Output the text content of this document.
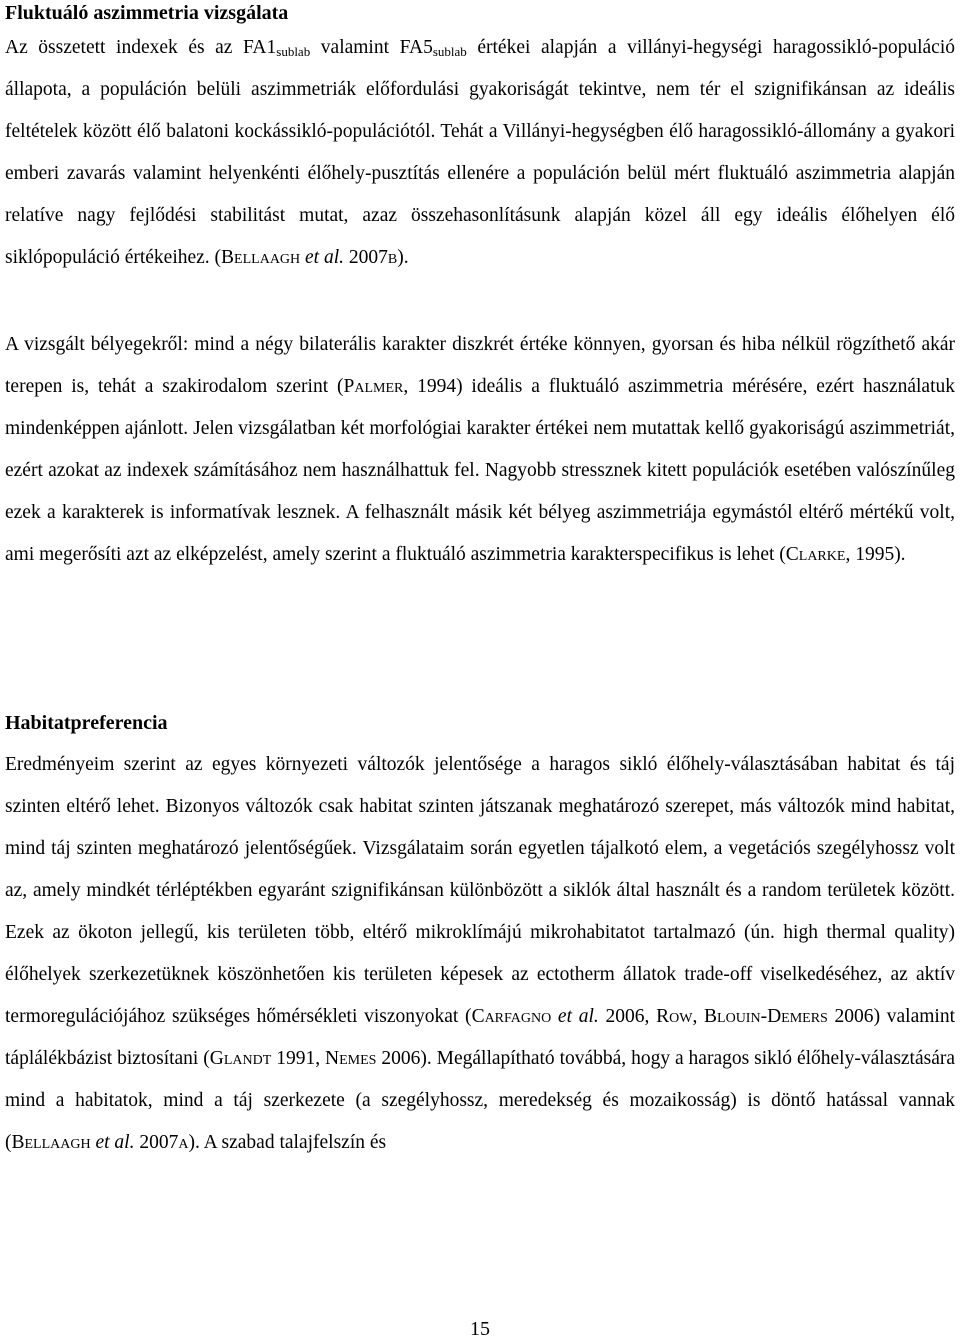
Fluktuáló aszimmetria vizsgálata

Az összetett indexek és az $FA1_{sublab}$ valamint $FA5_{sublab}$ értékei alapján a villányi-hegységi haragossikló-populáció állapota, a populáción belüli aszimmetriák előfordulási gyakoriságát tekintve, nem tér el szignifikánsan az ideális feltételek között élő balatoni kockássikló-populációtól. Tehát a Villányi-hegységben élő haragossikló-állomány a gyakori emberi zavarás valamint helyenkénti élőhely-pusztítás ellenére a populáción belül mért fluktuáló aszimmetria alapján relatíve nagy fejlődési stabilitást mutat, azaz összehasonlításunk alapján közel áll egy ideális élőhelyen élő siklópopuláció értékeihez. (Bellaagh et al. 2007b).

A vizsgált bélyegekről: mind a négy bilaterális karakter diszkrét értéke könnyen, gyorsan és hiba nélkül rögzíthető akár terepen is, tehát a szakirodalom szerint (Palmer, 1994) ideális a fluktuáló aszimmetria mérésére, ezért használatuk mindenképpen ajánlott. Jelen vizsgálatban két morfológiai karakter értékei nem mutattak kellő gyakoriságú aszimmetriát, ezért azokat az indexek számításához nem használhattuk fel. Nagyobb stressznek kitett populációk esetében valószínűleg ezek a karakterek is informatívak lesznek. A felhasznált másik két bélyeg aszimmetriája egymástól eltérő mértékű volt, ami megerősíti azt az elképzelést, amely szerint a fluktuáló aszimmetria karakterspecifikus is lehet (Clarke, 1995).

Habitatpreferencia

Eredményeim szerint az egyes környezeti változók jelentősége a haragos sikló élőhely-választásában habitat és táj szinten eltérő lehet. Bizonyos változók csak habitat szinten játszanak meghatározó szerepet, más változók mind habitat, mind táj szinten meghatározó jelentőségűek. Vizsgálataim során egyetlen tájalkotó elem, a vegetációs szegélyhossz volt az, amely mindkét térléptékben egyaránt szignifikánsan különbözött a siklók által használt és a random területek között. Ezek az ökoton jellegű, kis területen több, eltérő mikroklímájú mikrohabitatot tartalmazó (ún. high thermal quality) élőhelyek szerkezetüknek köszönhetően kis területen képesek az ectotherm állatok trade-off viselkedéséhez, az aktív termoregulációjához szükséges hőmérsékleti viszonyokat (Carfagno et al. 2006, Row, Blouin-Demers 2006) valamint táplálékbázist biztosítani (Glandt 1991, Nemes 2006). Megállapítható továbbá, hogy a haragos sikló élőhely-választására mind a habitatok, mind a táj szerkezete (a szegélyhossz, meredekség és mozaikosság) is döntő hatással vannak (Bellaagh et al. 2007a). A szabad talajfelszín és

15
